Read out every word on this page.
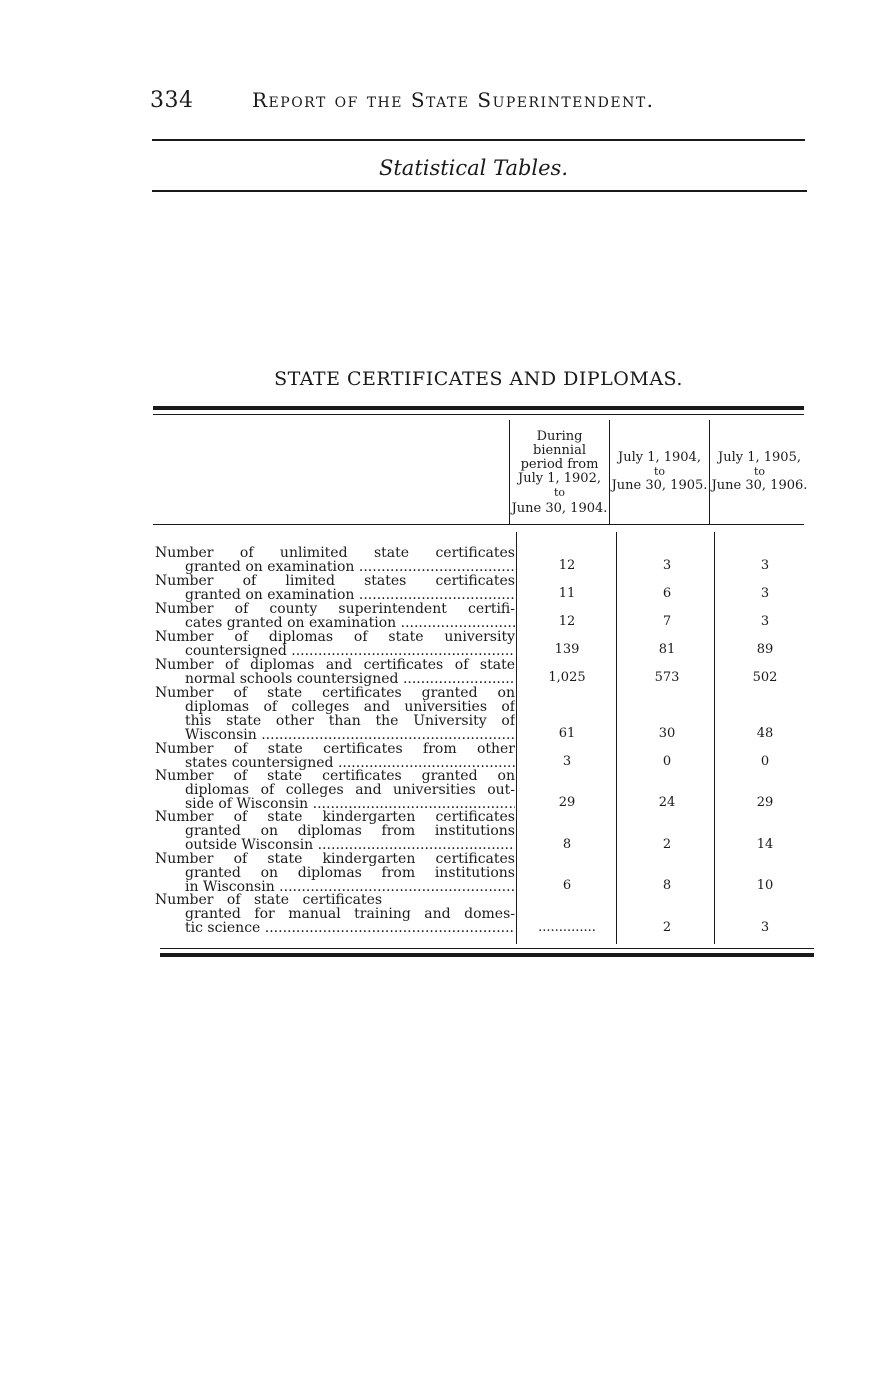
334	Report of the State Superintendent.
Statistical Tables.
STATE CERTIFICATES AND DIPLOMAS.
During
biennial
period from
July 1, 1902,
to
June 30, 1904.
July 1, 1904,
to
June 30, 1905.
July 1, 1905,
to
June 30, 1906.
Number of unlimited state certificates
granted on examination .....	12	3	3
Number of limited states certificates
granted on examination .....	11	6	3
Number of county superintendent certifi-
cates granted on examination .....	12	7	3
Number of diplomas of state university
countersigned .....	139	81	89
Number of diplomas and certificates of state
normal schools countersigned .....	1,025	573	502
Number of state certificates granted on
diplomas of colleges and universities of
this state other than the University of
Wisconsin .....	61	30	48
Number of state certificates from other
states countersigned .....	3	0	0
Number of state certificates granted on
diplomas of colleges and universities out-
side of Wisconsin .....	29	24	29
Number of state kindergarten certificates
granted on diplomas from institutions
outside Wisconsin .....	8	2	14
Number of state kindergarten certificates
granted on diplomas from institutions
in Wisconsin .....	6	8	10
Number of state certificates
granted for manual training and domes-
tic science .....	..............	2	3
